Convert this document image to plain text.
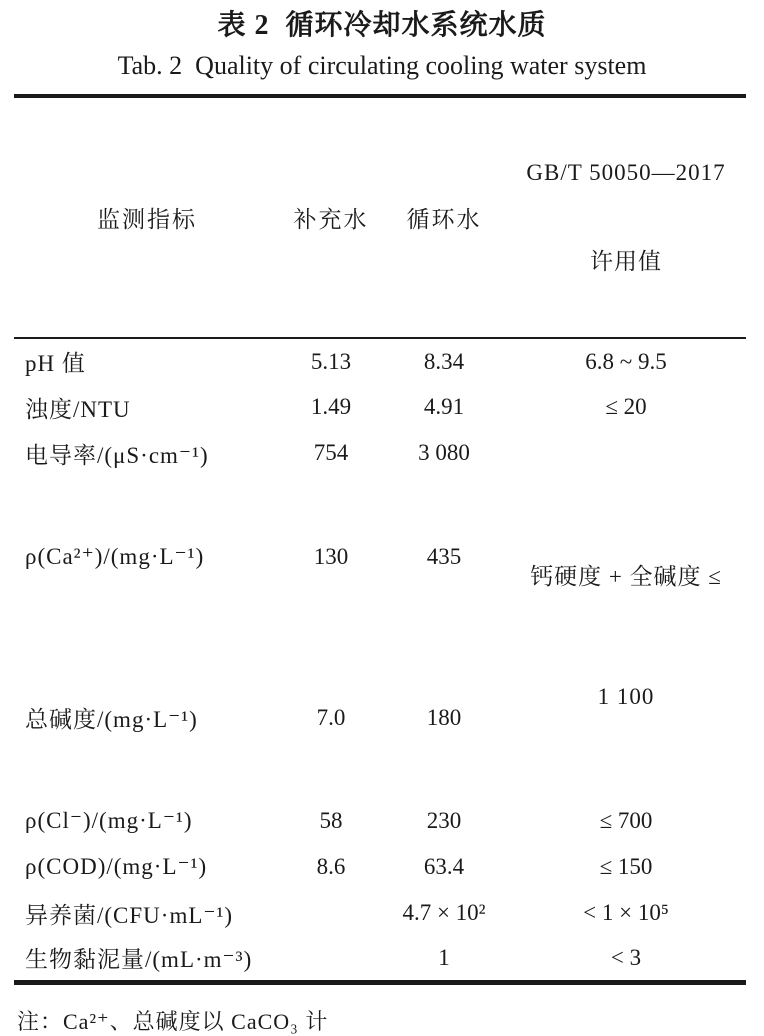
表 2  循环冷却水系统水质
Tab. 2  Quality of circulating cooling water system
监测指标	补充水	循环水	GB/T 50050—2017

许用值

pH 值	5.13	8.34	6.8 ~ 9.5
浊度/NTU	1.49	4.91	≤ 20
电导率/(μS·cm⁻¹)	754	3 080	
ρ(Ca²⁺)/(mg·L⁻¹)	130	435	钙硬度 + 全碱度 ≤

1 100

总碱度/(mg·L⁻¹)	7.0	180	
ρ(Cl⁻)/(mg·L⁻¹)	58	230	≤ 700
ρ(COD)/(mg·L⁻¹)	8.6	63.4	≤ 150
异养菌/(CFU·mL⁻¹)		4.7 × 10²	< 1 × 10⁵
生物黏泥量/(mL·m⁻³)		1	< 3
注：Ca²⁺、总碱度以 CaCO₃ 计
